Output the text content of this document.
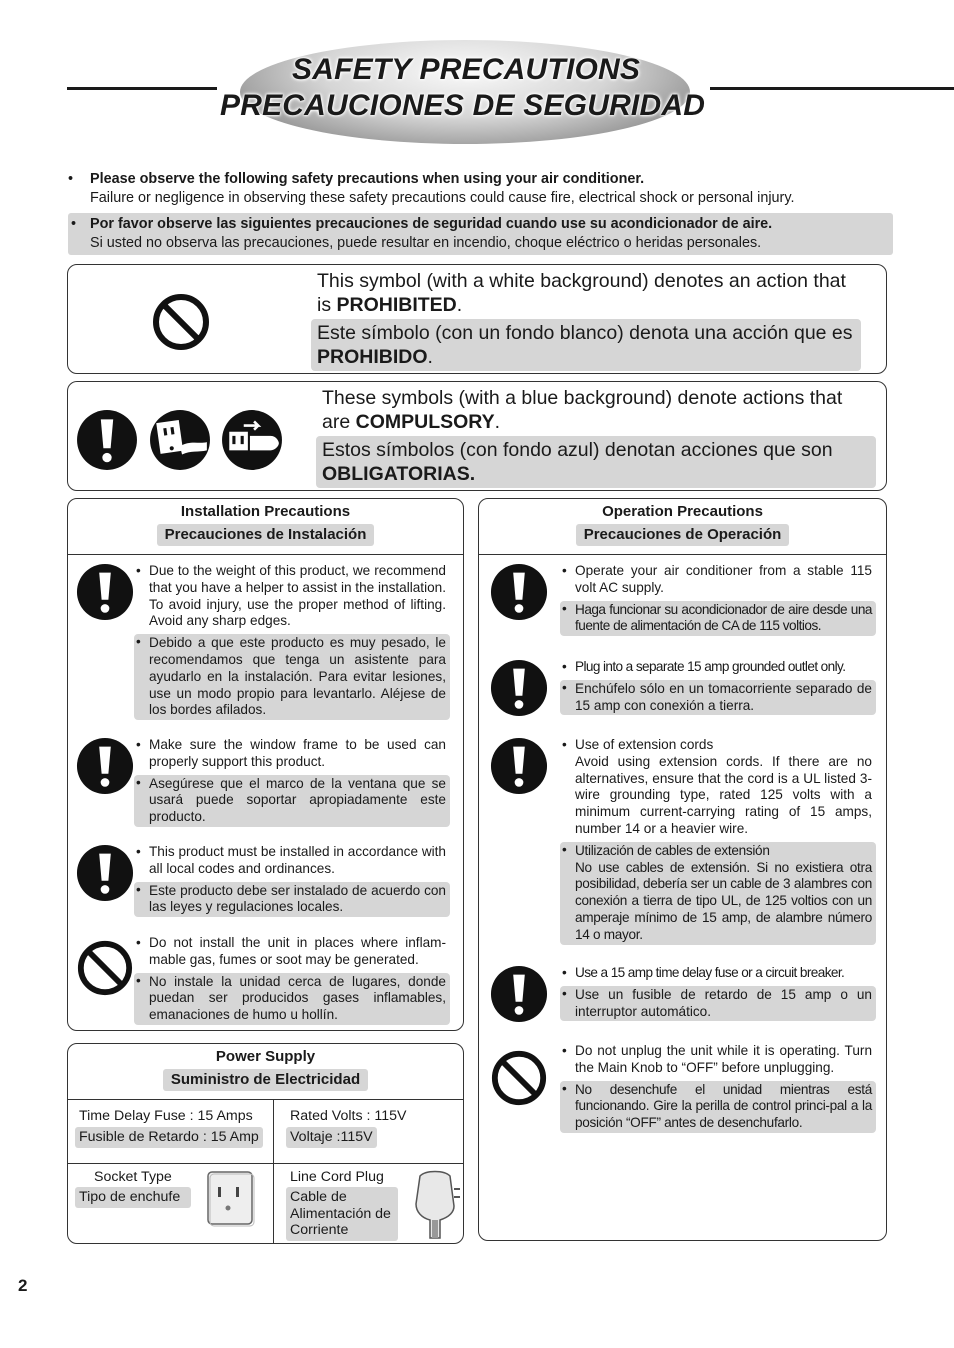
SAFETY PRECAUTIONS
PRECAUCIONES DE SEGURIDAD
• Please observe the following safety precautions when using your air conditioner.
Failure or negligence in observing these safety precautions could cause fire, electrical shock or personal injury.
• Por favor observe las siguientes precauciones de seguridad cuando use su acondicionador de aire.
Si usted no observa las precauciones, puede resultar en incendio, choque eléctrico o heridas personales.
This symbol (with a white background) denotes an action that is PROHIBITED.
Este símbolo (con un fondo blanco) denota una acción que es PROHIBIDO.
These symbols (with a blue background) denote actions that are COMPULSORY.
Estos símbolos (con fondo azul) denotan acciones que son OBLIGATORIAS.
Installation Precautions
Precauciones de Instalación
• Due to the weight of this product, we recommend that you have a helper to assist in the installation. To avoid injury, use the proper method of lifting. Avoid any sharp edges.
• Debido a que este producto es muy pesado, le recomendamos que tenga un asistente para ayudarlo en la instalación. Para evitar lesiones, use un modo propio para levantarlo. Aléjese de los bordes afilados.
• Make sure the window frame to be used can properly support this product.
• Asegúrese que el marco de la ventana que se usará puede soportar apropiadamente este producto.
• This product must be installed in accordance with all local codes and ordinances.
• Este producto debe ser instalado de acuerdo con las leyes y regulaciones locales.
• Do not install the unit in places where inflam-mable gas, fumes or soot may be generated.
• No instale la unidad cerca de lugares, donde puedan ser producidos gases inflamables, emanaciones de humo u hollín.
Power Supply
Suministro de Electricidad
Time Delay Fuse : 15 Amps
Fusible de Retardo : 15 Amp
Rated Volts : 115V
Voltaje :115V
Socket Type
Tipo de enchufe
Line Cord Plug
Cable de Alimentación de Corriente
Operation Precautions
Precauciones de Operación
• Operate your air conditioner from a stable 115 volt AC supply.
• Haga funcionar su acondicionador de aire desde una fuente de alimentación de CA de 115 voltios.
• Plug into a separate 15 amp grounded outlet only.
• Enchúfelo sólo en un tomacorriente separado de 15 amp con conexión a tierra.
• Use of extension cords
Avoid using extension cords. If there are no alternatives, ensure that the cord is a UL listed 3-wire grounding type, rated 125 volts with a minimum current-carrying rating of 15 amps, number 14 or a heavier wire.
• Utilización de cables de extensión
No use cables de extensión. Si no existiera otra posibilidad, debería ser un cable de 3 alambres con conexión a tierra de tipo UL, de 125 voltios con un amperaje mínimo de 15 amp, de alambre número 14 o mayor.
• Use a 15 amp time delay fuse or a circuit breaker.
• Use un fusible de retardo de 15 amp o un interruptor automático.
• Do not unplug the unit while it is operating. Turn the Main Knob to “OFF” before unplugging.
• No desenchufe el unidad mientras está funcionando. Gire la perilla de control princi-pal a la posición “OFF” antes de desenchufarlo.
2
